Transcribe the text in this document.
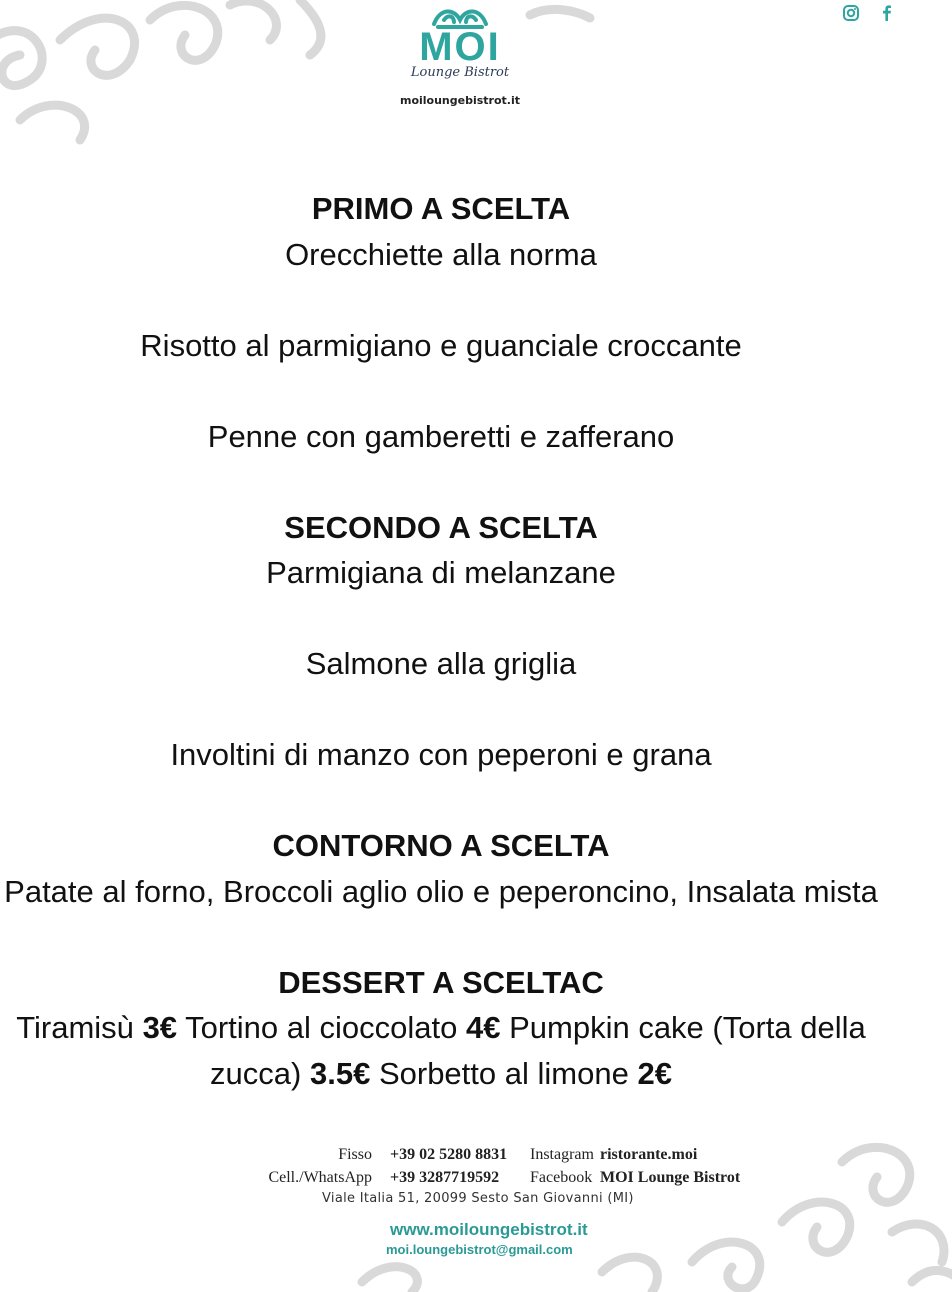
MOI
Lounge Bistrot
moiloungebistrot.it
PRIMO A SCELTA

Orecchiette alla norma

Risotto al parmigiano e guanciale croccante

Penne con gamberetti e zafferano

SECONDO A SCELTA

Parmigiana di melanzane

Salmone alla griglia

Involtini di manzo con peperoni e grana

CONTORNO A SCELTA

Patate al forno, Broccoli aglio olio e peperoncino, Insalata mista

DESSERT A SCELTAC

Tiramisù 3€ Tortino al cioccolato 4€ Pumpkin cake (Torta della zucca) 3.5€ Sorbetto al limone 2€

Fisso	+39 02 5280 8831	Instagram ristorante.moi
Cell./WhatsApp	+39 3287719592	Facebook MOI Lounge Bistrot
Viale Italia 51, 20099 Sesto San Giovanni (MI)
www.moiloungebistrot.it
moi.loungebistrot@gmail.com
